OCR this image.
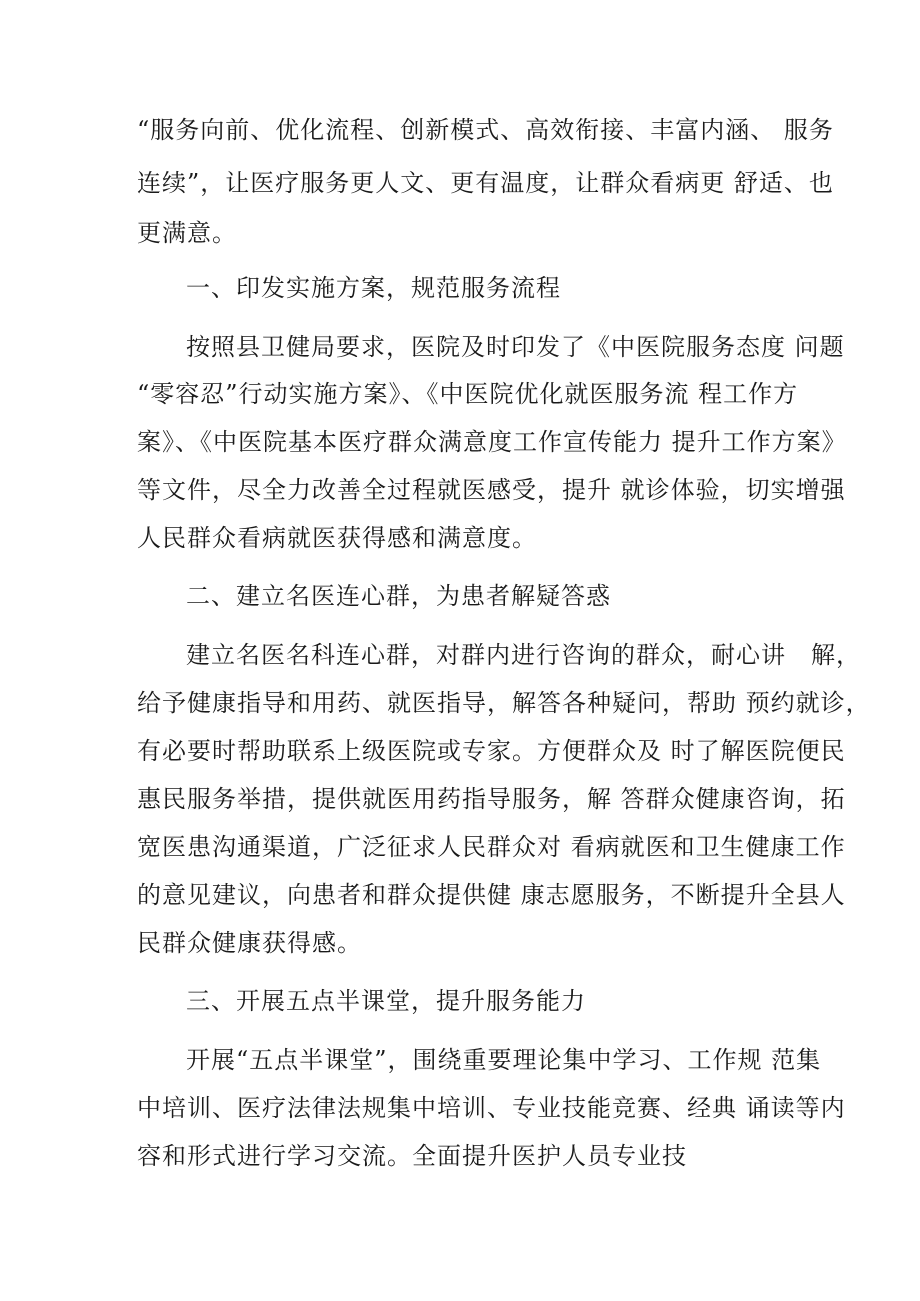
“服务向前、优化流程、创新模式、高效衔接、丰富内涵、 服务
连续”，让医疗服务更人文、更有温度，让群众看病更 舒适、也
更满意。
一、印发实施方案，规范服务流程
按照县卫健局要求，医院及时印发了《中医院服务态度 问题
“零容忍”行动实施方案》、《中医院优化就医服务流 程工作方
案》、《中医院基本医疗群众满意度工作宣传能力 提升工作方案》
等文件，尽全力改善全过程就医感受，提升 就诊体验，切实增强
人民群众看病就医获得感和满意度。
二、建立名医连心群，为患者解疑答惑
建立名医名科连心群，对群内进行咨询的群众，耐心讲　解，
给予健康指导和用药、就医指导，解答各种疑问，帮助 预约就诊，
有必要时帮助联系上级医院或专家。方便群众及 时了解医院便民
惠民服务举措，提供就医用药指导服务，解 答群众健康咨询，拓
宽医患沟通渠道，广泛征求人民群众对 看病就医和卫生健康工作
的意见建议，向患者和群众提供健 康志愿服务，不断提升全县人
民群众健康获得感。
三、开展五点半课堂，提升服务能力
开展“五点半课堂”，围绕重要理论集中学习、工作规 范集
中培训、医疗法律法规集中培训、专业技能竞赛、经典 诵读等内
容和形式进行学习交流。全面提升医护人员专业技
